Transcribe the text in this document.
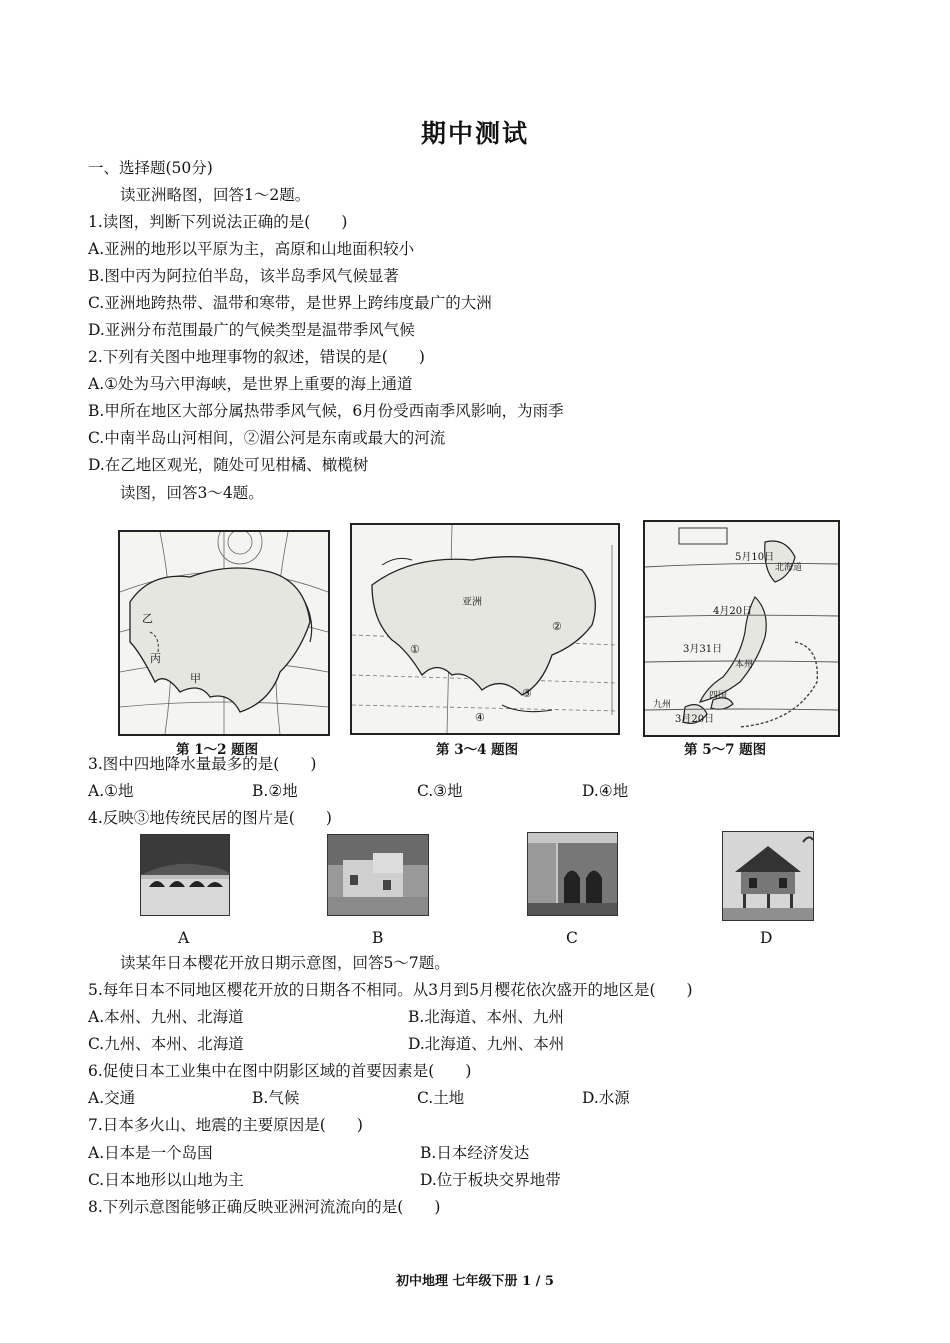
期中测试
一、选择题(50分)
读亚洲略图，回答1～2题。
1.读图，判断下列说法正确的是(　　)
A.亚洲的地形以平原为主，高原和山地面积较小
B.图中丙为阿拉伯半岛，该半岛季风气候显著
C.亚洲地跨热带、温带和寒带，是世界上跨纬度最广的大洲
D.亚洲分布范围最广的气候类型是温带季风气候
2.下列有关图中地理事物的叙述，错误的是(　　)
A.①处为马六甲海峡，是世界上重要的海上通道
B.甲所在地区大部分属热带季风气候，6月份受西南季风影响，为雨季
C.中南半岛山河相间，②湄公河是东南或最大的河流
D.在乙地区观光，随处可见柑橘、橄榄树
读图，回答3～4题。
甲
丙
乙
第 1～2 题图
亚洲
①
②
③
④
第 3～4 题图
5月10日
北海道
4月20日
3月31日
本州
四国
九州
3月20日
第 5～7 题图
3.图中四地降水量最多的是(　　)
A.①地	B.②地	C.③地	D.④地
4.反映③地传统民居的图片是(　　)
A	B	C	D
读某年日本樱花开放日期示意图，回答5～7题。
5.每年日本不同地区樱花开放的日期各不相同。从3月到5月樱花依次盛开的地区是(　　)
A.本州、九州、北海道	B.北海道、本州、九州
C.九州、本州、北海道	D.北海道、九州、本州
6.促使日本工业集中在图中阴影区域的首要因素是(　　)
A.交通	B.气候	C.土地	D.水源
7.日本多火山、地震的主要原因是(　　)
A.日本是一个岛国	B.日本经济发达
C.日本地形以山地为主	D.位于板块交界地带
8.下列示意图能够正确反映亚洲河流流向的是(　　)
初中地理 七年级下册 1 / 5
